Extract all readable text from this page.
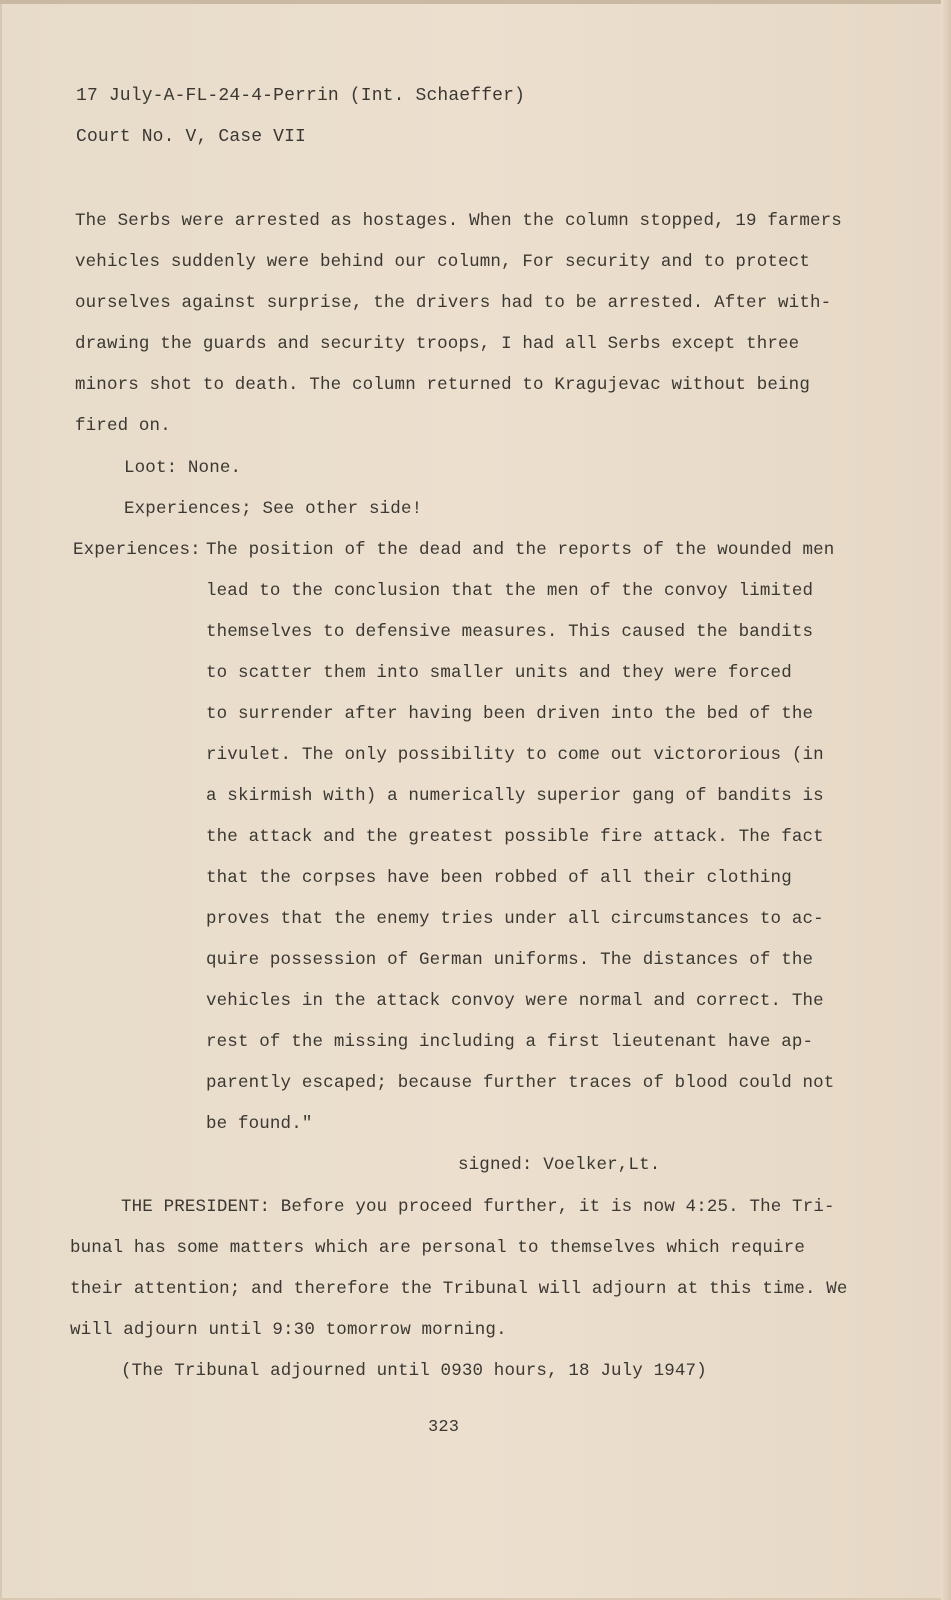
17 July-A-FL-24-4-Perrin (Int. Schaeffer)
Court No. V, Case VII
The Serbs were arrested as hostages. When the column stopped, 19 farmers
vehicles suddenly were behind our column, For security and to protect
ourselves against surprise, the drivers had to be arrested. After with-
drawing the guards and security troops, I had all Serbs except three
minors shot to death. The column returned to Kragujevac without being
fired on.
Loot: None.
Experiences; See other side!
Experiences: The position of the dead and the reports of the wounded men
lead to the conclusion that the men of the convoy limited
themselves to defensive measures. This caused the bandits
to scatter them into smaller units and they were forced
to surrender after having been driven into the bed of the
rivulet. The only possibility to come out victororious (in
a skirmish with) a numerically superior gang of bandits is
the attack and the greatest possible fire attack. The fact
that the corpses have been robbed of all their clothing
proves that the enemy tries under all circumstances to ac-
quire possession of German uniforms. The distances of the
vehicles in the attack convoy were normal and correct. The
rest of the missing including a first lieutenant have ap-
parently escaped; because further traces of blood could not
be found."
signed: Voelker,Lt.
THE PRESIDENT: Before you proceed further, it is now 4:25. The Tri-
bunal has some matters which are personal to themselves which require
their attention; and therefore the Tribunal will adjourn at this time. We
will adjourn until 9:30 tomorrow morning.
(The Tribunal adjourned until 0930 hours, 18 July 1947)
323
